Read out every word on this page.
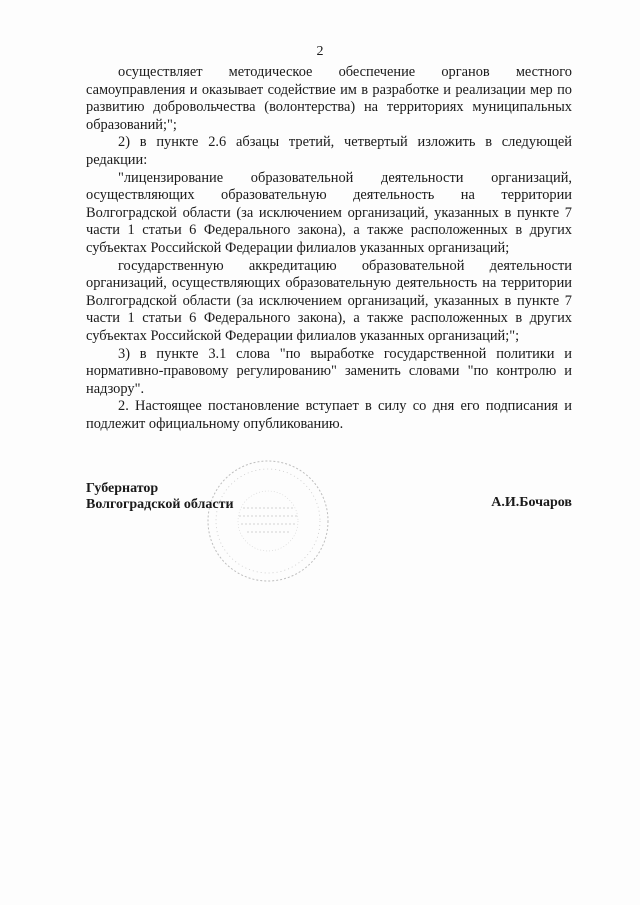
2

осуществляет методическое обеспечение органов местного самоуправления и оказывает содействие им в разработке и реализации мер по развитию добровольчества (волонтерства) на территориях муниципальных образований;";

2) в пункте 2.6 абзацы третий, четвертый изложить в следующей редакции:

"лицензирование образовательной деятельности организаций, осуществляющих образовательную деятельность на территории Волгоградской области (за исключением организаций, указанных в пункте 7 части 1 статьи 6 Федерального закона), а также расположенных в других субъектах Российской Федерации филиалов указанных организаций;

государственную аккредитацию образовательной деятельности организаций, осуществляющих образовательную деятельность на территории Волгоградской области (за исключением организаций, указанных в пункте 7 части 1 статьи 6 Федерального закона), а также расположенных в других субъектах Российской Федерации филиалов указанных организаций;";

3) в пункте 3.1 слова "по выработке государственной политики и нормативно-правовому регулированию" заменить словами "по контролю и надзору".

2. Настоящее постановление вступает в силу со дня его подписания и подлежит официальному опубликованию.

Губернатор
Волгоградской области	А.И.Бочаров
